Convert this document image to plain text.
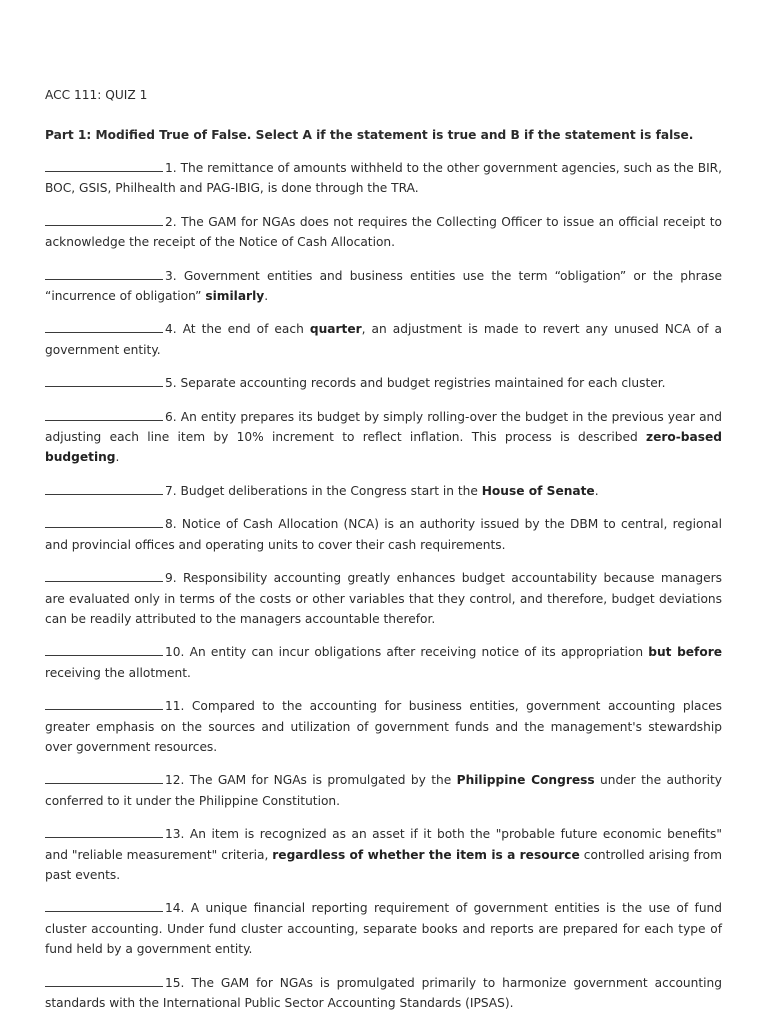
ACC 111: QUIZ 1

Part 1: Modified True of False. Select A if the statement is true and B if the statement is false.

1. The remittance of amounts withheld to the other government agencies, such as the BIR, BOC, GSIS, Philhealth and PAG-IBIG, is done through the TRA.

2. The GAM for NGAs does not requires the Collecting Officer to issue an official receipt to acknowledge the receipt of the Notice of Cash Allocation.

3. Government entities and business entities use the term “obligation” or the phrase “incurrence of obligation” similarly.

4. At the end of each quarter, an adjustment is made to revert any unused NCA of a government entity.

5. Separate accounting records and budget registries maintained for each cluster.

6. An entity prepares its budget by simply rolling-over the budget in the previous year and adjusting each line item by 10% increment to reflect inflation. This process is described zero-based budgeting.

7. Budget deliberations in the Congress start in the House of Senate.

8. Notice of Cash Allocation (NCA) is an authority issued by the DBM to central, regional and provincial offices and operating units to cover their cash requirements.

9. Responsibility accounting greatly enhances budget accountability because managers are evaluated only in terms of the costs or other variables that they control, and therefore, budget deviations can be readily attributed to the managers accountable therefor.

10. An entity can incur obligations after receiving notice of its appropriation but before receiving the allotment.

11. Compared to the accounting for business entities, government accounting places greater emphasis on the sources and utilization of government funds and the management's stewardship over government resources.

12. The GAM for NGAs is promulgated by the Philippine Congress under the authority conferred to it under the Philippine Constitution.

13. An item is recognized as an asset if it both the "probable future economic benefits" and "reliable measurement" criteria, regardless of whether the item is a resource controlled arising from past events.

14. A unique financial reporting requirement of government entities is the use of fund cluster accounting. Under fund cluster accounting, separate books and reports are prepared for each type of fund held by a government entity.

15. The GAM for NGAs is promulgated primarily to harmonize government accounting standards with the International Public Sector Accounting Standards (IPSAS).
